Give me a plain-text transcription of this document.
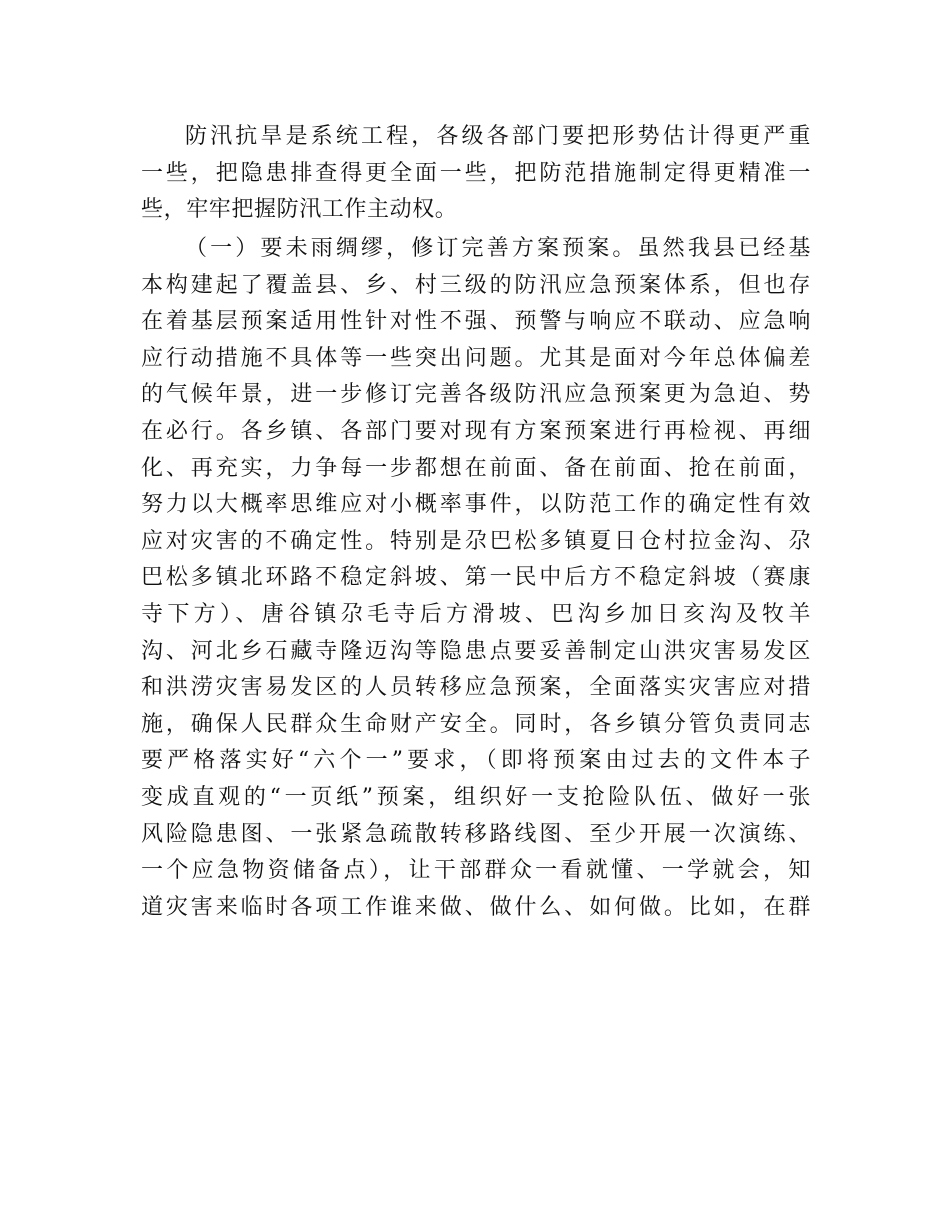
防汛抗旱是系统工程，各级各部门要把形势估计得更严重
一些，把隐患排查得更全面一些，把防范措施制定得更精准一
些，牢牢把握防汛工作主动权。
（一）要未雨绸缪，修订完善方案预案。虽然我县已经基
本构建起了覆盖县、乡、村三级的防汛应急预案体系，但也存
在着基层预案适用性针对性不强、预警与响应不联动、应急响
应行动措施不具体等一些突出问题。尤其是面对今年总体偏差
的气候年景，进一步修订完善各级防汛应急预案更为急迫、势
在必行。各乡镇、各部门要对现有方案预案进行再检视、再细
化、再充实，力争每一步都想在前面、备在前面、抢在前面，
努力以大概率思维应对小概率事件，以防范工作的确定性有效
应对灾害的不确定性。特别是尕巴松多镇夏日仓村拉金沟、尕
巴松多镇北环路不稳定斜坡、第一民中后方不稳定斜坡（赛康
寺下方）、唐谷镇尕毛寺后方滑坡、巴沟乡加日亥沟及牧羊
沟、河北乡石藏寺隆迈沟等隐患点要妥善制定山洪灾害易发区
和洪涝灾害易发区的人员转移应急预案，全面落实灾害应对措
施，确保人民群众生命财产安全。同时，各乡镇分管负责同志
要严格落实好“六个一”要求，（即将预案由过去的文件本子
变成直观的“一页纸”预案，组织好一支抢险队伍、做好一张
风险隐患图、一张紧急疏散转移路线图、至少开展一次演练、
一个应急物资储备点），让干部群众一看就懂、一学就会，知
道灾害来临时各项工作谁来做、做什么、如何做。比如，在群
